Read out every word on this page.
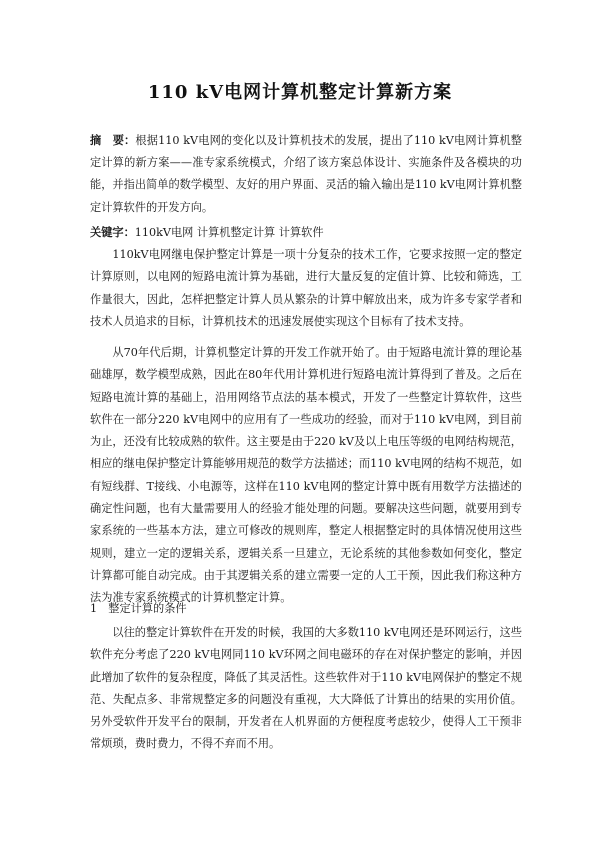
110 kV电网计算机整定计算新方案
摘　要：根据110 kV电网的变化以及计算机技术的发展，提出了110 kV电网计算机整定计算的新方案——准专家系统模式，介绍了该方案总体设计、实施条件及各模块的功能，并指出简单的数学模型、友好的用户界面、灵活的输入输出是110 kV电网计算机整定计算软件的开发方向。
关键字：110kV电网 计算机整定计算 计算软件
110kV电网继电保护整定计算是一项十分复杂的技术工作，它要求按照一定的整定计算原则，以电网的短路电流计算为基础，进行大量反复的定值计算、比较和筛选，工作量很大，因此，怎样把整定计算人员从繁杂的计算中解放出来，成为许多专家学者和技术人员追求的目标，计算机技术的迅速发展使实现这个目标有了技术支持。
从70年代后期，计算机整定计算的开发工作就开始了。由于短路电流计算的理论基础雄厚，数学模型成熟，因此在80年代用计算机进行短路电流计算得到了普及。之后在短路电流计算的基础上，沿用网络节点法的基本模式，开发了一些整定计算软件，这些软件在一部分220 kV电网中的应用有了一些成功的经验，而对于110 kV电网，到目前为止，还没有比较成熟的软件。这主要是由于220 kV及以上电压等级的电网结构规范，相应的继电保护整定计算能够用规范的数学方法描述；而110 kV电网的结构不规范，如有短线群、T接线、小电源等，这样在110 kV电网的整定计算中既有用数学方法描述的确定性问题，也有大量需要用人的经验才能处理的问题。要解决这些问题，就要用到专家系统的一些基本方法，建立可修改的规则库，整定人根据整定时的具体情况使用这些规则，建立一定的逻辑关系，逻辑关系一旦建立，无论系统的其他参数如何变化，整定计算都可能自动完成。由于其逻辑关系的建立需要一定的人工干预，因此我们称这种方法为准专家系统模式的计算机整定计算。
1　整定计算的条件
以往的整定计算软件在开发的时候，我国的大多数110 kV电网还是环网运行，这些软件充分考虑了220 kV电网同110 kV环网之间电磁环的存在对保护整定的影响，并因此增加了软件的复杂程度，降低了其灵活性。这些软件对于110 kV电网保护的整定不规范、失配点多、非常规整定多的问题没有重视，大大降低了计算出的结果的实用价值。另外受软件开发平台的限制，开发者在人机界面的方便程度考虑较少，使得人工干预非常烦琐，费时费力，不得不弃而不用。
